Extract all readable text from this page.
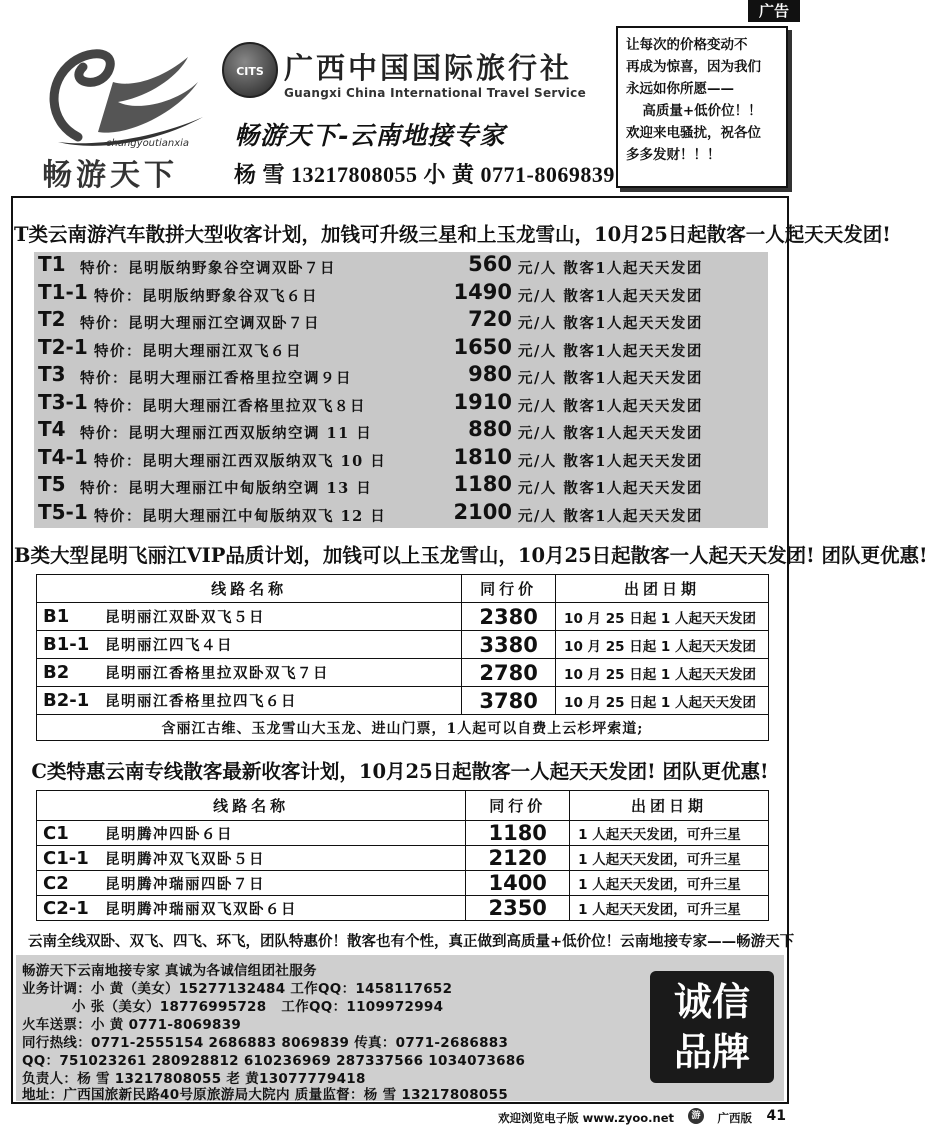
广告
changyoutianxia
畅游天下
CITS 广西中国国际旅行社
Guangxi China International Travel Service
畅游天下-云南地接专家
杨 雪 13217808055 小 黄 0771-8069839
让每次的价格变动不
再成为惊喜，因为我们
永远如你所愿——
高质量+低价位！！
欢迎来电骚扰，祝各位
多多发财！！！
T类云南游汽车散拼大型收客计划，加钱可升级三星和上玉龙雪山，10月25日起散客一人起天天发团!
T1 特价：昆明版纳野象谷空调双卧７日	560 元/人 散客1人起天天发团
T1-1 特价：昆明版纳野象谷双飞６日	1490 元/人 散客1人起天天发团
T2 特价：昆明大理丽江空调双卧７日	720 元/人 散客1人起天天发团
T2-1 特价：昆明大理丽江双飞６日	1650 元/人 散客1人起天天发团
T3 特价：昆明大理丽江香格里拉空调９日	980 元/人 散客1人起天天发团
T3-1 特价：昆明大理丽江香格里拉双飞８日	1910 元/人 散客1人起天天发团
T4 特价：昆明大理丽江西双版纳空调 11 日	880 元/人 散客1人起天天发团
T4-1 特价：昆明大理丽江西双版纳双飞 10 日	1810 元/人 散客1人起天天发团
T5 特价：昆明大理丽江中甸版纳空调 13 日	1180 元/人 散客1人起天天发团
T5-1 特价：昆明大理丽江中甸版纳双飞 12 日	2100 元/人 散客1人起天天发团
B类大型昆明飞丽江VIP品质计划，加钱可以上玉龙雪山，10月25日起散客一人起天天发团! 团队更优惠!
线路名称	同行价	出团日期
B1 昆明丽江双卧双飞５日	2380	10 月 25 日起 1 人起天天发团
B1-1 昆明丽江四飞４日	3380	10 月 25 日起 1 人起天天发团
B2 昆明丽江香格里拉双卧双飞７日	2780	10 月 25 日起 1 人起天天发团
B2-1 昆明丽江香格里拉四飞６日	3780	10 月 25 日起 1 人起天天发团
含丽江古维、玉龙雪山大玉龙、进山门票，1人起可以自费上云杉坪索道;		
C类特惠云南专线散客最新收客计划，10月25日起散客一人起天天发团! 团队更优惠!
线路名称	同行价	出团日期
C1 昆明腾冲四卧６日	1180	1 人起天天发团，可升三星
C1-1 昆明腾冲双飞双卧５日	2120	1 人起天天发团，可升三星
C2 昆明腾冲瑞丽四卧７日	1400	1 人起天天发团，可升三星
C2-1 昆明腾冲瑞丽双飞双卧６日	2350	1 人起天天发团，可升三星
云南全线双卧、双飞、四飞、环飞，团队特惠价！散客也有个性，真正做到高质量+低价位！云南地接专家——畅游天下
畅游天下云南地接专家 真诚为各诚信组团社服务
业务计调：小 黄（美女）15277132484 工作QQ：1458117652
小 张（美女）18776995728   工作QQ：1109972994
火车送票：小 黄 0771-8069839
同行热线：0771-2555154 2686883 8069839 传真：0771-2686883
QQ：751023261 280928812 610236969 287337566 1034073686
负责人：杨 雪 13217808055 老 黄13077779418
地址：广西国旅新民路40号原旅游局大院内 质量监督：杨 雪 13217808055
诚信
品牌
欢迎浏览电子版 www.zyoo.net	游	广西版 41
